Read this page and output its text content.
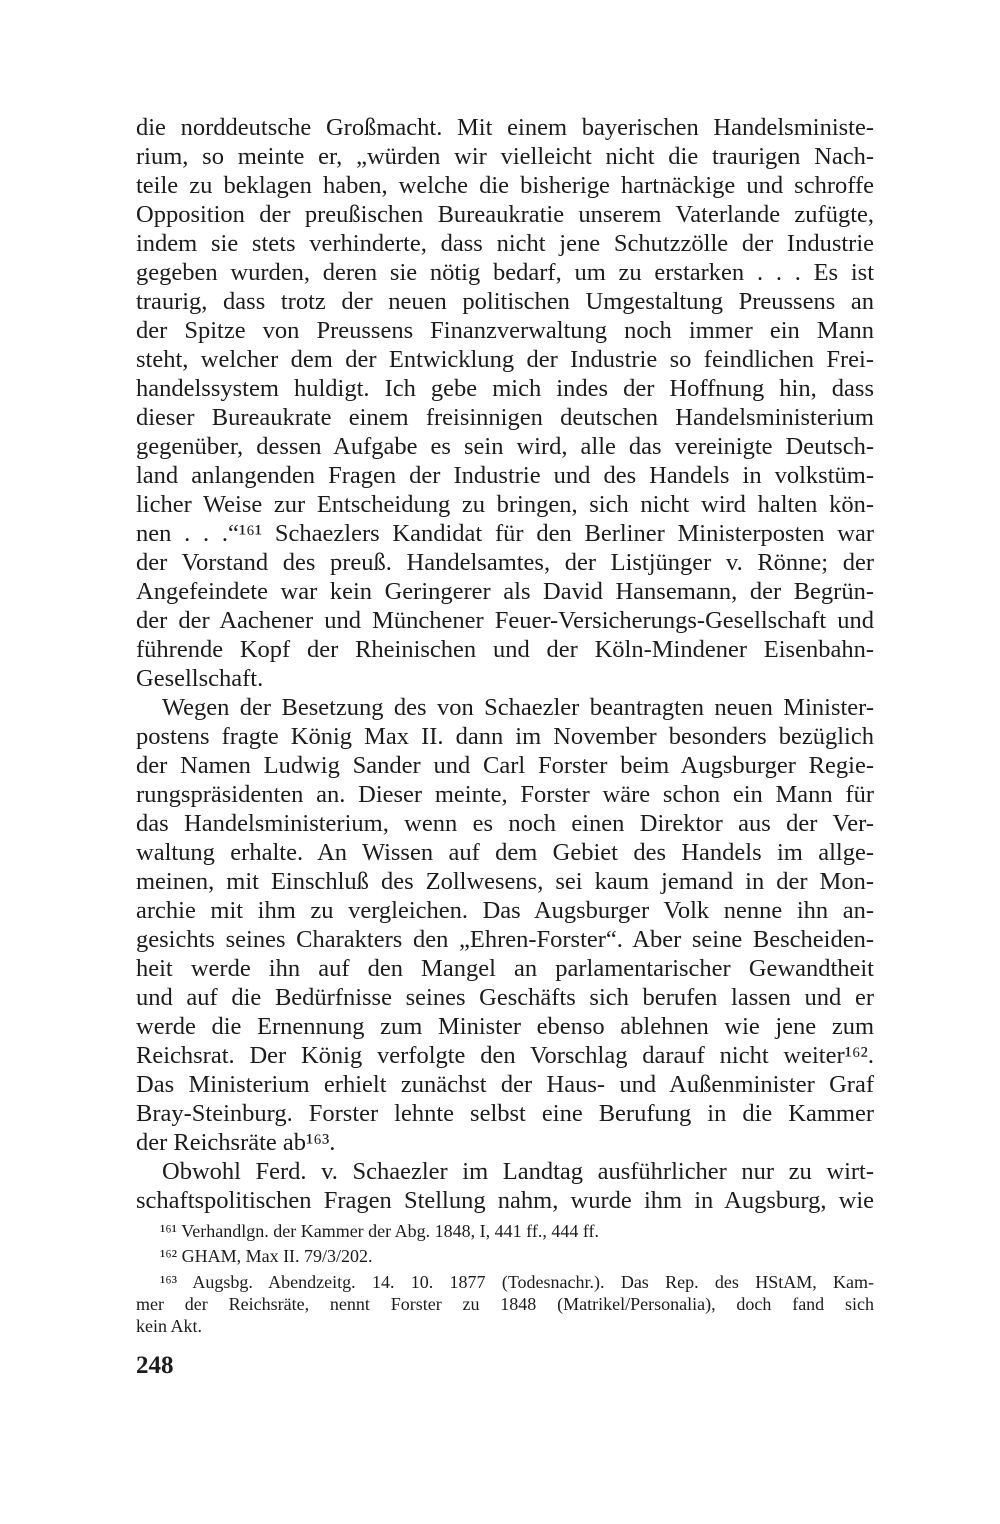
die norddeutsche Großmacht. Mit einem bayerischen Handelsministe-
rium, so meinte er, „würden wir vielleicht nicht die traurigen Nach-
teile zu beklagen haben, welche die bisherige hartnäckige und schroffe
Opposition der preußischen Bureaukratie unserem Vaterlande zufügte,
indem sie stets verhinderte, dass nicht jene Schutzzölle der Industrie
gegeben wurden, deren sie nötig bedarf, um zu erstarken . . . Es ist
traurig, dass trotz der neuen politischen Umgestaltung Preussens an
der Spitze von Preussens Finanzverwaltung noch immer ein Mann
steht, welcher dem der Entwicklung der Industrie so feindlichen Frei-
handelssystem huldigt. Ich gebe mich indes der Hoffnung hin, dass
dieser Bureaukrate einem freisinnigen deutschen Handelsministerium
gegenüber, dessen Aufgabe es sein wird, alle das vereinigte Deutsch-
land anlangenden Fragen der Industrie und des Handels in volkstüm-
licher Weise zur Entscheidung zu bringen, sich nicht wird halten kön-
nen . . .“¹⁶¹ Schaezlers Kandidat für den Berliner Ministerposten war
der Vorstand des preuß. Handelsamtes, der Listjünger v. Rönne; der
Angefeindete war kein Geringerer als David Hansemann, der Begrün-
der der Aachener und Münchener Feuer-Versicherungs-Gesellschaft und
führende Kopf der Rheinischen und der Köln-Mindener Eisenbahn-
Gesellschaft.
Wegen der Besetzung des von Schaezler beantragten neuen Minister-
postens fragte König Max II. dann im November besonders bezüglich
der Namen Ludwig Sander und Carl Forster beim Augsburger Regie-
rungspräsidenten an. Dieser meinte, Forster wäre schon ein Mann für
das Handelsministerium, wenn es noch einen Direktor aus der Ver-
waltung erhalte. An Wissen auf dem Gebiet des Handels im allge-
meinen, mit Einschluß des Zollwesens, sei kaum jemand in der Mon-
archie mit ihm zu vergleichen. Das Augsburger Volk nenne ihn an-
gesichts seines Charakters den „Ehren-Forster“. Aber seine Bescheiden-
heit werde ihn auf den Mangel an parlamentarischer Gewandtheit
und auf die Bedürfnisse seines Geschäfts sich berufen lassen und er
werde die Ernennung zum Minister ebenso ablehnen wie jene zum
Reichsrat. Der König verfolgte den Vorschlag darauf nicht weiter¹⁶².
Das Ministerium erhielt zunächst der Haus- und Außenminister Graf
Bray-Steinburg. Forster lehnte selbst eine Berufung in die Kammer
der Reichsräte ab¹⁶³.
Obwohl Ferd. v. Schaezler im Landtag ausführlicher nur zu wirt-
schaftspolitischen Fragen Stellung nahm, wurde ihm in Augsburg, wie
¹⁶¹ Verhandlgn. der Kammer der Abg. 1848, I, 441 ff., 444 ff.
¹⁶² GHAM, Max II. 79/3/202.
¹⁶³ Augsbg. Abendzeitg. 14. 10. 1877 (Todesnachr.). Das Rep. des HStAM, Kam-
mer der Reichsräte, nennt Forster zu 1848 (Matrikel/Personalia), doch fand sich
kein Akt.
248
